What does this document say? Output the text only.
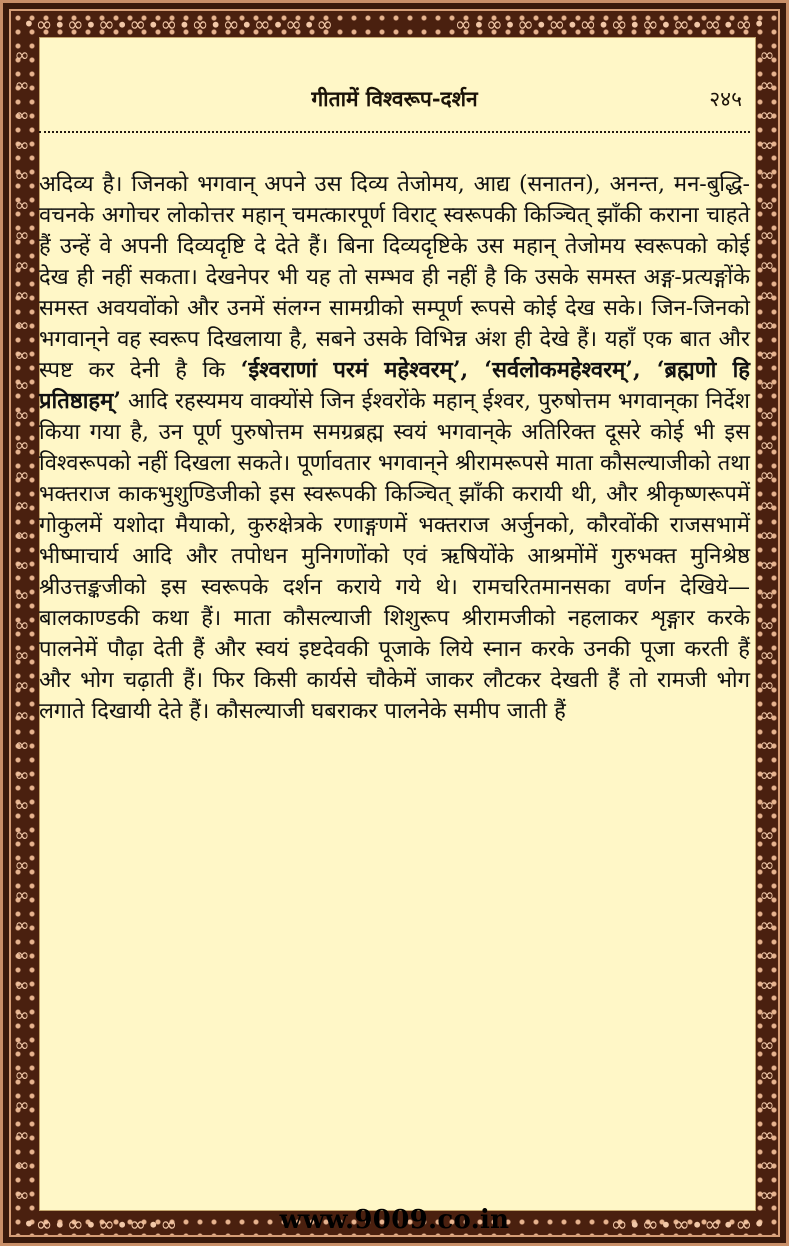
•∞∙∞∙∞∙∞∙∞∙∞∙∞∙∞∙∞∙∞	∞∙∞∙∞∙∞∙∞∙∞∙∞∙∞∙∞∙∞•
∞
∞
∞
∞
∞
∞
∞
∞
∞
∞
∞
∞
∞
∞
∞
∞
∞
∞
∞
∞
∞
∞
∞
∞
∞
∞
∞
∞
∞
∞
∞
∞
∞
∞
∞
∞
∞
∞
∞

∞
∞
∞
∞
∞
∞
∞
∞
∞
∞
∞
∞
∞
∞
∞
∞
∞
∞
∞
∞
∞
∞
∞
∞
∞
∞
∞
∞
∞
∞
∞
∞
∞
∞
∞
∞
∞
∞
∞

गीतामें विश्वरूप-दर्शन	२४५
अदिव्य है। जिनको भगवान् अपने उस दिव्य तेजोमय, आद्य (सनातन), अनन्त, मन-बुद्धि-वचनके अगोचर लोकोत्तर महान् चमत्कारपूर्ण विराट् स्वरूपकी किञ्चित् झाँकी कराना चाहते हैं उन्हें वे अपनी दिव्यदृष्टि दे देते हैं। बिना दिव्यदृष्टिके उस महान् तेजोमय स्वरूपको कोई देख ही नहीं सकता। देखनेपर भी यह तो सम्भव ही नहीं है कि उसके समस्त अङ्ग-प्रत्यङ्गोंके समस्त अवयवोंको और उनमें संलग्न सामग्रीको सम्पूर्ण रूपसे कोई देख सके। जिन-जिनको भगवान्‌ने वह स्वरूप दिखलाया है, सबने उसके विभिन्न अंश ही देखे हैं। यहाँ एक बात और स्पष्ट कर देनी है कि ‘ईश्वराणां परमं महेश्वरम्’, ‘सर्वलोकमहेश्वरम्’, ‘ब्रह्मणो हि प्रतिष्ठाहम्’ आदि रहस्यमय वाक्योंसे जिन ईश्वरोंके महान् ईश्वर, पुरुषोत्तम भगवान्‌का निर्देश किया गया है, उन पूर्ण पुरुषोत्तम समग्रब्रह्म स्वयं भगवान्‌के अतिरिक्त दूसरे कोई भी इस विश्वरूपको नहीं दिखला सकते। पूर्णावतार भगवान्‌ने श्रीरामरूपसे माता कौसल्याजीको तथा भक्तराज काकभुशुण्डिजीको इस स्वरूपकी किञ्चित् झाँकी करायी थी, और श्रीकृष्णरूपमें गोकुलमें यशोदा मैयाको, कुरुक्षेत्रके रणाङ्गणमें भक्तराज अर्जुनको, कौरवोंकी राजसभामें भीष्माचार्य आदि और तपोधन मुनिगणोंको एवं ऋषियोंके आश्रमोंमें गुरुभक्त मुनिश्रेष्ठ श्रीउत्तङ्कजीको इस स्वरूपके दर्शन कराये गये थे। रामचरितमानसका वर्णन देखिये— बालकाण्डकी कथा हैं। माता कौसल्याजी शिशुरूप श्रीरामजीको नहलाकर शृङ्गार करके पालनेमें पौढ़ा देती हैं और स्वयं इष्टदेवकी पूजाके लिये स्नान करके उनकी पूजा करती हैं और भोग चढ़ाती हैं। फिर किसी कार्यसे चौकेमें जाकर लौटकर देखती हैं तो रामजी भोग लगाते दिखायी देते हैं। कौसल्याजी घबराकर पालनेके समीप जाती हैं
•∞∙∞∙∞∙∞∙∞	∞∙∞∙∞∙∞∙∞•
www.9009.co.in
